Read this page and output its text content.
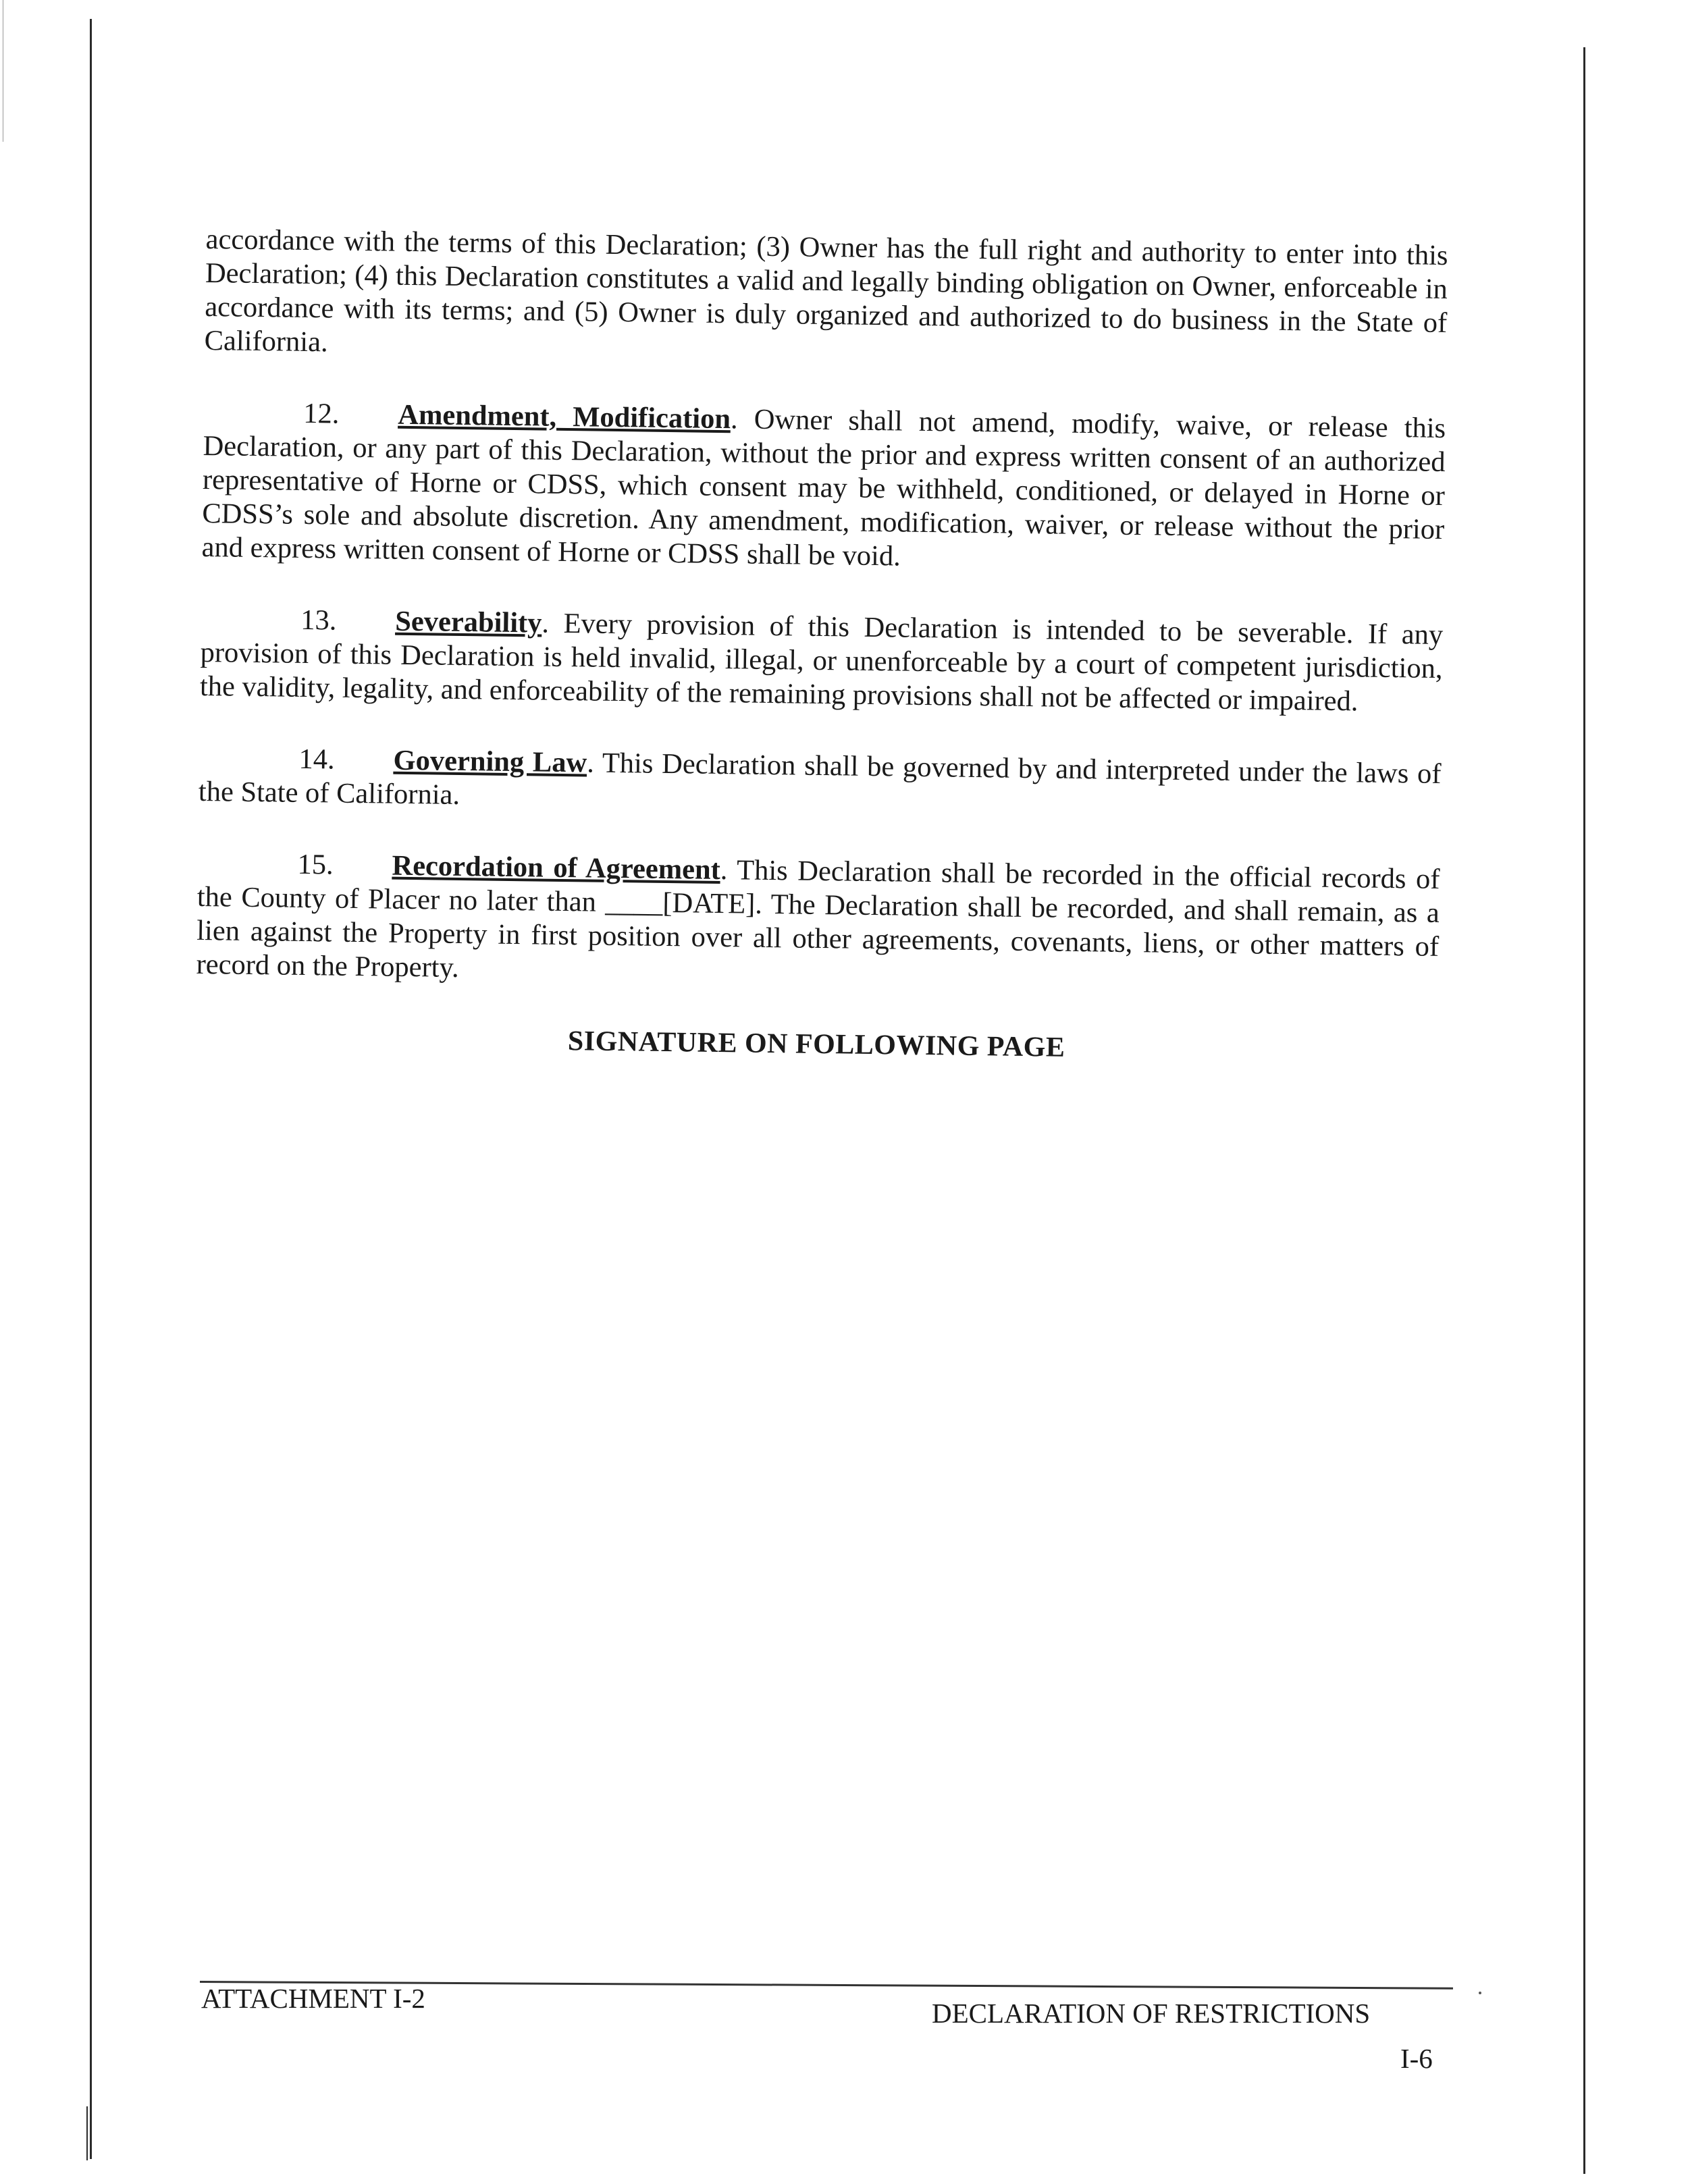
accordance with the terms of this Declaration; (3) Owner has the full right and authority to enter into this Declaration; (4) this Declaration constitutes a valid and legally binding obligation on Owner, enforceable in accordance with its terms; and (5) Owner is duly organized and authorized to do business in the State of California.

12. Amendment, Modification. Owner shall not amend, modify, waive, or release this Declaration, or any part of this Declaration, without the prior and express written consent of an authorized representative of Horne or CDSS, which consent may be withheld, conditioned, or delayed in Horne or CDSS’s sole and absolute discretion. Any amendment, modification, waiver, or release without the prior and express written consent of Horne or CDSS shall be void.

13. Severability. Every provision of this Declaration is intended to be severable. If any provision of this Declaration is held invalid, illegal, or unenforceable by a court of competent jurisdiction, the validity, legality, and enforceability of the remaining provisions shall not be affected or impaired.

14. Governing Law. This Declaration shall be governed by and interpreted under the laws of the State of California.

15. Recordation of Agreement. This Declaration shall be recorded in the official records of the County of Placer no later than ____[DATE]. The Declaration shall be recorded, and shall remain, as a lien against the Property in first position over all other agreements, covenants, liens, or other matters of record on the Property.

SIGNATURE ON FOLLOWING PAGE
ATTACHMENT I-2	DECLARATION OF RESTRICTIONS
I-6
